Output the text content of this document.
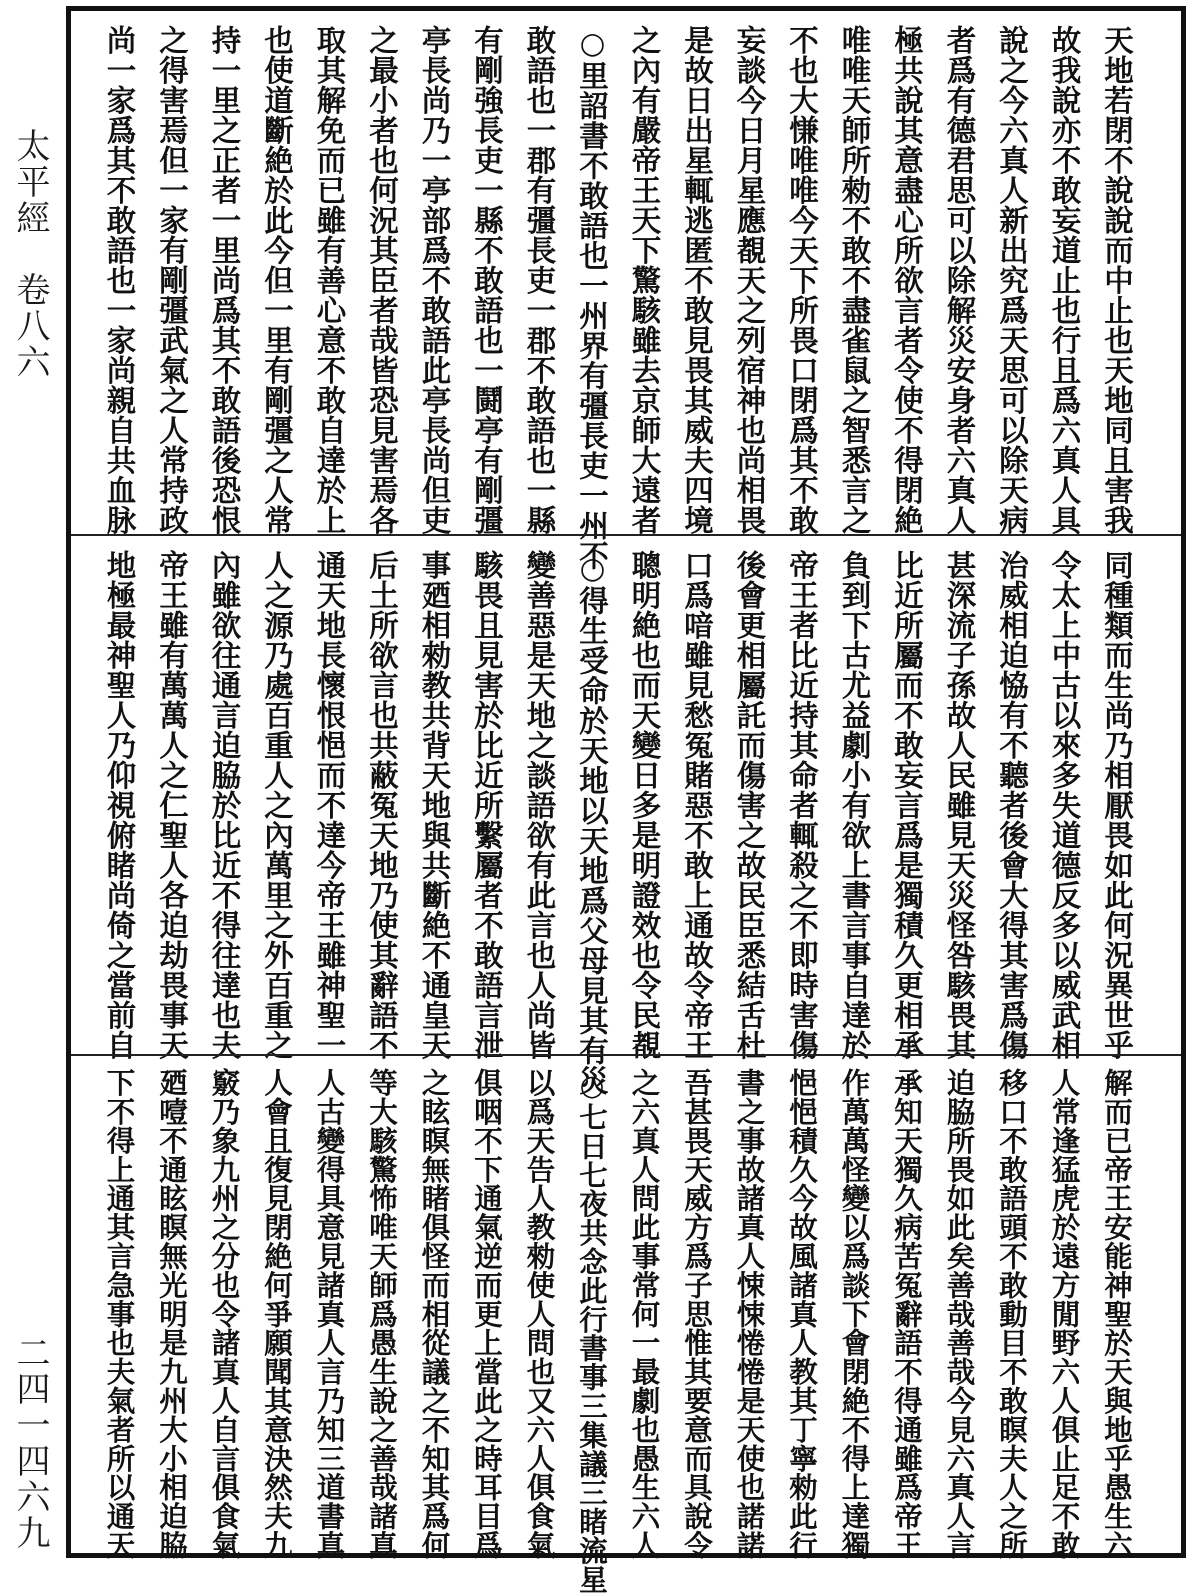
太平經　卷八六
二四一四六九
天地若閉不說說而中止也天地同且害我
故我說亦不敢妄道止也行且爲六真人具
說之今六真人新出究爲天思可以除天病
者爲有德君思可以除解災安身者六真人
極共說其意盡心所欲言者令使不得閉絶
唯唯天師所勑不敢不盡雀鼠之智悉言之
不也大慊唯唯今天下所畏口閉爲其不敢
妄談今日月星應覩天之列宿神也尚相畏
是故日出星輒逃匿不敢見畏其威夫四境
之內有嚴帝王天下驚駭雖去京師大遠者
○里詔書不敢語也一州界有彊長吏一州不
敢語也一郡有彊長吏一郡不敢語也一縣
有剛強長吏一縣不敢語也一鬪亭有剛彊
亭長尚乃一亭部爲不敢語此亭長尚但吏
之最小者也何況其臣者哉皆恐見害焉各
取其解免而已雖有善心意不敢自達於上
也使道斷絶於此今但一里有剛彊之人常
持一里之正者一里尚爲其不敢語後恐恨
之得害焉但一家有剛彊武氣之人常持政
尚一家爲其不敢語也一家尚親自共血脉
同種類而生尚乃相厭畏如此何況異世乎
令太上中古以來多失道德反多以威武相
治威相迫恊有不聽者後會大得其害爲傷
甚深流子孫故人民雖見天災怪咎駭畏其
比近所屬而不敢妄言爲是獨積久更相承
負到下古尤益劇小有欲上書言事自達於
帝王者比近持其命者輒殺之不即時害傷
後會更相屬託而傷害之故民臣悉結舌杜
口爲喑雖見愁冤賭惡不敢上通故令帝王
聰明絶也而天變日多是明證效也令民覩
○得生受命於天地以天地爲父母見其有災
變善惡是天地之談語欲有此言也人尚皆
駭畏且見害於比近所繫屬者不敢語言泄
事廼相勑教共背天地與共斷絶不通皇天
后土所欲言也共蔽冤天地乃使其辭語不
通天地長懷恨悒而不達今帝王雖神聖一
人之源乃處百重人之內萬里之外百重之
內雖欲往通言迫脇於比近不得往達也夫
帝王雖有萬萬人之仁聖人各迫劫畏事天
地極最神聖人乃仰視俯睹尚倚之當前自
解而已帝王安能神聖於天與地乎愚生六
人常逢猛虎於遠方閒野六人俱止足不敢
移口不敢語頭不敢動目不敢瞑夫人之所
迫脇所畏如此矣善哉善哉今見六真人言
承知天獨久病苦冤辭語不得通雖爲帝王
作萬萬怪變以爲談下會閉絶不得上達獨
悒悒積久今故風諸真人教其丁寧勑此行
書之事故諸真人悚悚惓惓是天使也諾諾
吾甚畏天威方爲子思惟其要意而具說令
之六真人問此事常何一最劇也愚生六人
○七日七夜共念此行書事三集議三睹流星
以爲天告人教勑使人問也又六人俱食氣
俱咽不下通氣逆而更上當此之時耳目爲
之眩瞑無睹俱怪而相從議之不知其爲何
等大駭驚怖唯天師爲愚生說之善哉諸真
人古變得具意見諸真人言乃知三道書真
人會且復見閉絶何爭願聞其意決然夫九
竅乃象九州之分也令諸真人自言俱食氣
廼噎不通眩瞑無光明是九州大小相迫脇
下不得上通其言急事也夫氣者所以通天
